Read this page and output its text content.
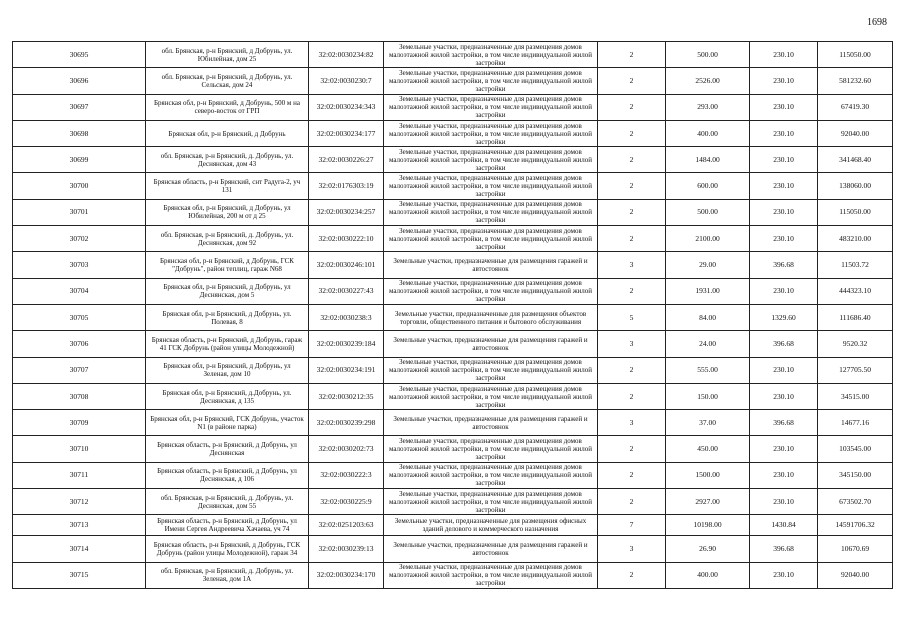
1698
30695	обл. Брянская, р-н Брянский, д Добрунь, ул. Юбилейная, дом 25	32:02:0030234:82	Земельные участки, предназначенные для размещения домов малоэтажной жилой застройки, в том числе индивидуальной жилой застройки	2	500.00	230.10	115050.00
30696	обл. Брянская, р-н Брянский, д Добрунь, ул. Сельская, дом 24	32:02:0030230:7	Земельные участки, предназначенные для размещения домов малоэтажной жилой застройки, в том числе индивидуальной жилой застройки	2	2526.00	230.10	581232.60
30697	Брянская обл, р-н Брянский, д Добрунь, 500 м на северо-восток от ГРП	32:02:0030234:343	Земельные участки, предназначенные для размещения домов малоэтажной жилой застройки, в том числе индивидуальной жилой застройки	2	293.00	230.10	67419.30
30698	Брянская обл, р-н Брянский, д Добрунь	32:02:0030234:177	Земельные участки, предназначенные для размещения домов малоэтажной жилой застройки, в том числе индивидуальной жилой застройки	2	400.00	230.10	92040.00
30699	обл. Брянская, р-н Брянский, д. Добрунь, ул. Деснянская, дом 43	32:02:0030226:27	Земельные участки, предназначенные для размещения домов малоэтажной жилой застройки, в том числе индивидуальной жилой застройки	2	1484.00	230.10	341468.40
30700	Брянская область, р-н Брянский, снт Радуга-2, уч 131	32:02:0176303:19	Земельные участки, предназначенные для размещения домов малоэтажной жилой застройки, в том числе индивидуальной жилой застройки	2	600.00	230.10	138060.00
30701	Брянская обл, р-н Брянский, д Добрунь, ул Юбилейная, 200 м от д 25	32:02:0030234:257	Земельные участки, предназначенные для размещения домов малоэтажной жилой застройки, в том числе индивидуальной жилой застройки	2	500.00	230.10	115050.00
30702	обл. Брянская, р-н Брянский, д. Добрунь, ул. Деснянская, дом 92	32:02:0030222:10	Земельные участки, предназначенные для размещения домов малоэтажной жилой застройки, в том числе индивидуальной жилой застройки	2	2100.00	230.10	483210.00
30703	Брянская обл, р-н Брянский, д Добрунь, ГСК "Добрунь", район теплиц, гараж N68	32:02:0030246:101	Земельные участки, предназначенные для размещения гаражей и автостоянок	3	29.00	396.68	11503.72
30704	Брянская обл, р-н Брянский, д Добрунь, ул Деснянская, дом 5	32:02:0030227:43	Земельные участки, предназначенные для размещения домов малоэтажной жилой застройки, в том числе индивидуальной жилой застройки	2	1931.00	230.10	444323.10
30705	Брянская обл, р-н Брянский, д Добрунь, ул. Полевая, 8	32:02:0030238:3	Земельные участки, предназначенные для размещения объектов торговли, общественного питания и бытового обслуживания	5	84.00	1329.60	111686.40
30706	Брянская область, р-н Брянский, д Добрунь, гараж 41 ГСК Добрунь (район улицы Молодежной)	32:02:0030239:184	Земельные участки, предназначенные для размещения гаражей и автостоянок	3	24.00	396.68	9520.32
30707	Брянская обл, р-н Брянский, д Добрунь, ул Зеленая, дом 10	32:02:0030234:191	Земельные участки, предназначенные для размещения домов малоэтажной жилой застройки, в том числе индивидуальной жилой застройки	2	555.00	230.10	127705.50
30708	Брянская обл, р-н Брянский, д.Добрунь, ул. Деснянская, д 135	32:02:0030212:35	Земельные участки, предназначенные для размещения домов малоэтажной жилой застройки, в том числе индивидуальной жилой застройки	2	150.00	230.10	34515.00
30709	Брянская обл, р-н Брянский, ГСК Добрунь, участок N1 (в районе парка)	32:02:0030239:298	Земельные участки, предназначенные для размещения гаражей и автостоянок	3	37.00	396.68	14677.16
30710	Брянская область, р-н Брянский, д Добрунь, ул Деснянская	32:02:0030202:73	Земельные участки, предназначенные для размещения домов малоэтажной жилой застройки, в том числе индивидуальной жилой застройки	2	450.00	230.10	103545.00
30711	Брянская область, р-н Брянский, д Добрунь, ул Деснянская, д 106	32:02:0030222:3	Земельные участки, предназначенные для размещения домов малоэтажной жилой застройки, в том числе индивидуальной жилой застройки	2	1500.00	230.10	345150.00
30712	обл. Брянская, р-н Брянский, д. Добрунь, ул. Деснянская, дом 55	32:02:0030225:9	Земельные участки, предназначенные для размещения домов малоэтажной жилой застройки, в том числе индивидуальной жилой застройки	2	2927.00	230.10	673502.70
30713	Брянская область, р-н Брянский, д Добрунь, ул Имени Сергея Андреевича Хачаева, уч 74	32:02:0251203:63	Земельные участки, предназначенные для размещения офисных зданий делового и коммерческого назначения	7	10198.00	1430.84	14591706.32
30714	Брянская область, р-н Брянский, д Добрунь, ГСК Добрунь (район улицы Молодежной), гараж 34	32:02:0030239:13	Земельные участки, предназначенные для размещения гаражей и автостоянок	3	26.90	396.68	10670.69
30715	обл. Брянская, р-н Брянский, д. Добрунь, ул. Зеленая, дом 1А	32:02:0030234:170	Земельные участки, предназначенные для размещения домов малоэтажной жилой застройки, в том числе индивидуальной жилой застройки	2	400.00	230.10	92040.00
